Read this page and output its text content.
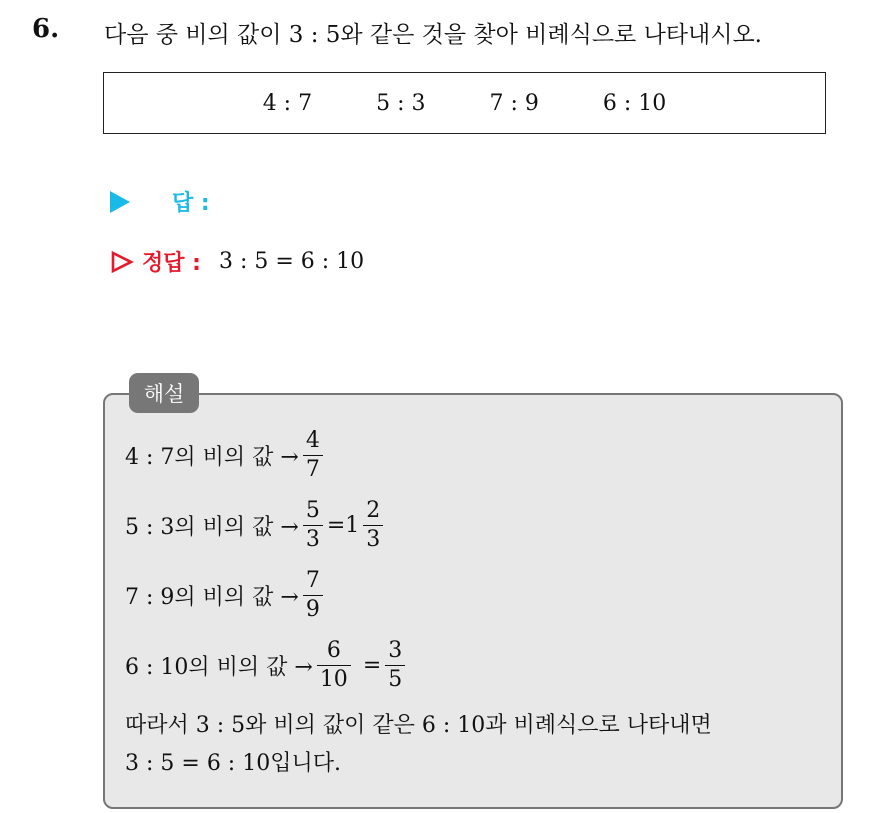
6. 다음 중 비의 값이 3 : 5와 같은 것을 찾아 비례식으로 나타내시오.
4 : 7	5 : 3	7 : 9	6 : 10
답 :
정답 : 3 : 5 = 6 : 10
해설
4 : 7의 비의 값 → $\frac{4}{7}$
5 : 3의 비의 값 → $\frac{5}{3} = 1 \frac{2}{3}$
7 : 9의 비의 값 → $\frac{7}{9}$
6 : 10의 비의 값 → $\frac{6}{10} = \frac{3}{5}$
따라서 3 : 5와 비의 값이 같은 6 : 10과 비례식으로 나타내면
3 : 5 = 6 : 10입니다.
